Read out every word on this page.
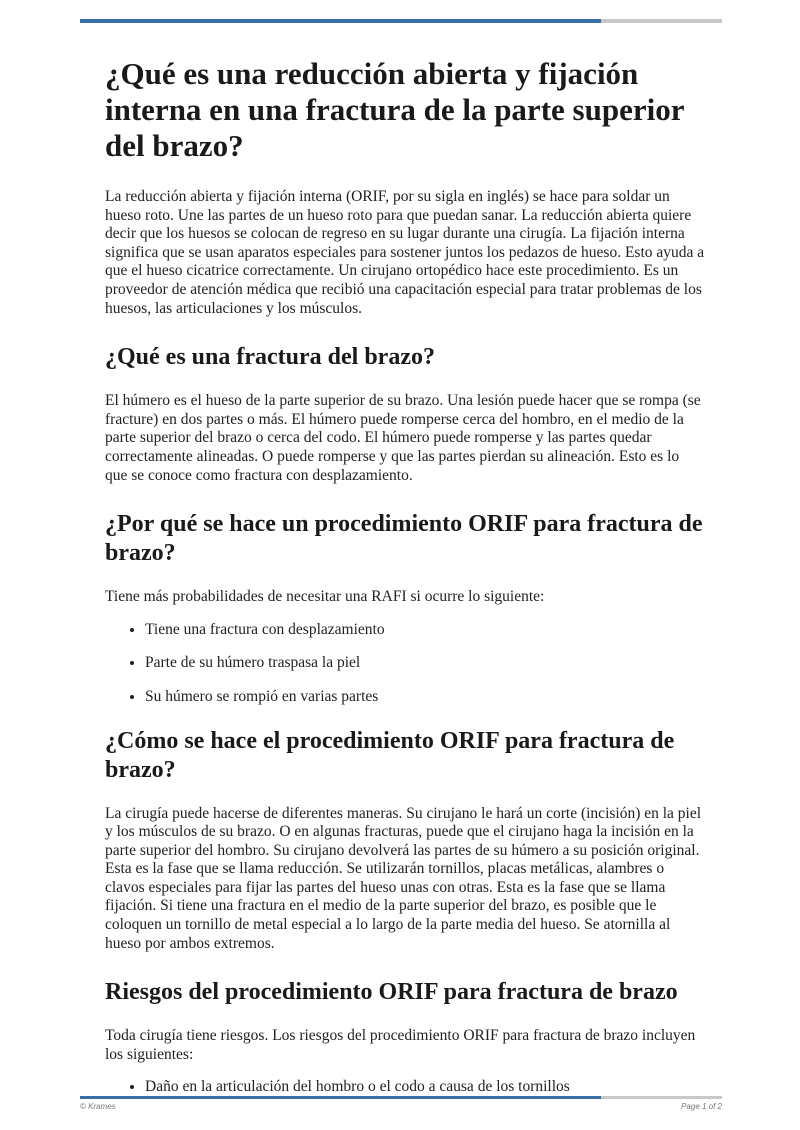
¿Qué es una reducción abierta y fijación interna en una fractura de la parte superior del brazo?

La reducción abierta y fijación interna (ORIF, por su sigla en inglés) se hace para soldar un hueso roto. Une las partes de un hueso roto para que puedan sanar. La reducción abierta quiere decir que los huesos se colocan de regreso en su lugar durante una cirugía. La fijación interna significa que se usan aparatos especiales para sostener juntos los pedazos de hueso. Esto ayuda a que el hueso cicatrice correctamente. Un cirujano ortopédico hace este procedimiento. Es un proveedor de atención médica que recibió una capacitación especial para tratar problemas de los huesos, las articulaciones y los músculos.

¿Qué es una fractura del brazo?

El húmero es el hueso de la parte superior de su brazo. Una lesión puede hacer que se rompa (se fracture) en dos partes o más. El húmero puede romperse cerca del hombro, en el medio de la parte superior del brazo o cerca del codo. El húmero puede romperse y las partes quedar correctamente alineadas. O puede romperse y que las partes pierdan su alineación. Esto es lo que se conoce como fractura con desplazamiento.

¿Por qué se hace un procedimiento ORIF para fractura de brazo?

Tiene más probabilidades de necesitar una RAFI si ocurre lo siguiente:

• Tiene una fractura con desplazamiento
• Parte de su húmero traspasa la piel
• Su húmero se rompió en varias partes
¿Cómo se hace el procedimiento ORIF para fractura de brazo?

La cirugía puede hacerse de diferentes maneras. Su cirujano le hará un corte (incisión) en la piel y los músculos de su brazo. O en algunas fracturas, puede que el cirujano haga la incisión en la parte superior del hombro. Su cirujano devolverá las partes de su húmero a su posición original. Esta es la fase que se llama reducción. Se utilizarán tornillos, placas metálicas, alambres o clavos especiales para fijar las partes del hueso unas con otras. Esta es la fase que se llama fijación. Si tiene una fractura en el medio de la parte superior del brazo, es posible que le coloquen un tornillo de metal especial a lo largo de la parte media del hueso. Se atornilla al hueso por ambos extremos.

Riesgos del procedimiento ORIF para fractura de brazo

Toda cirugía tiene riesgos. Los riesgos del procedimiento ORIF para fractura de brazo incluyen los siguientes:

• Daño en la articulación del hombro o el codo a causa de los tornillos
© Krames	Page 1 of 2
